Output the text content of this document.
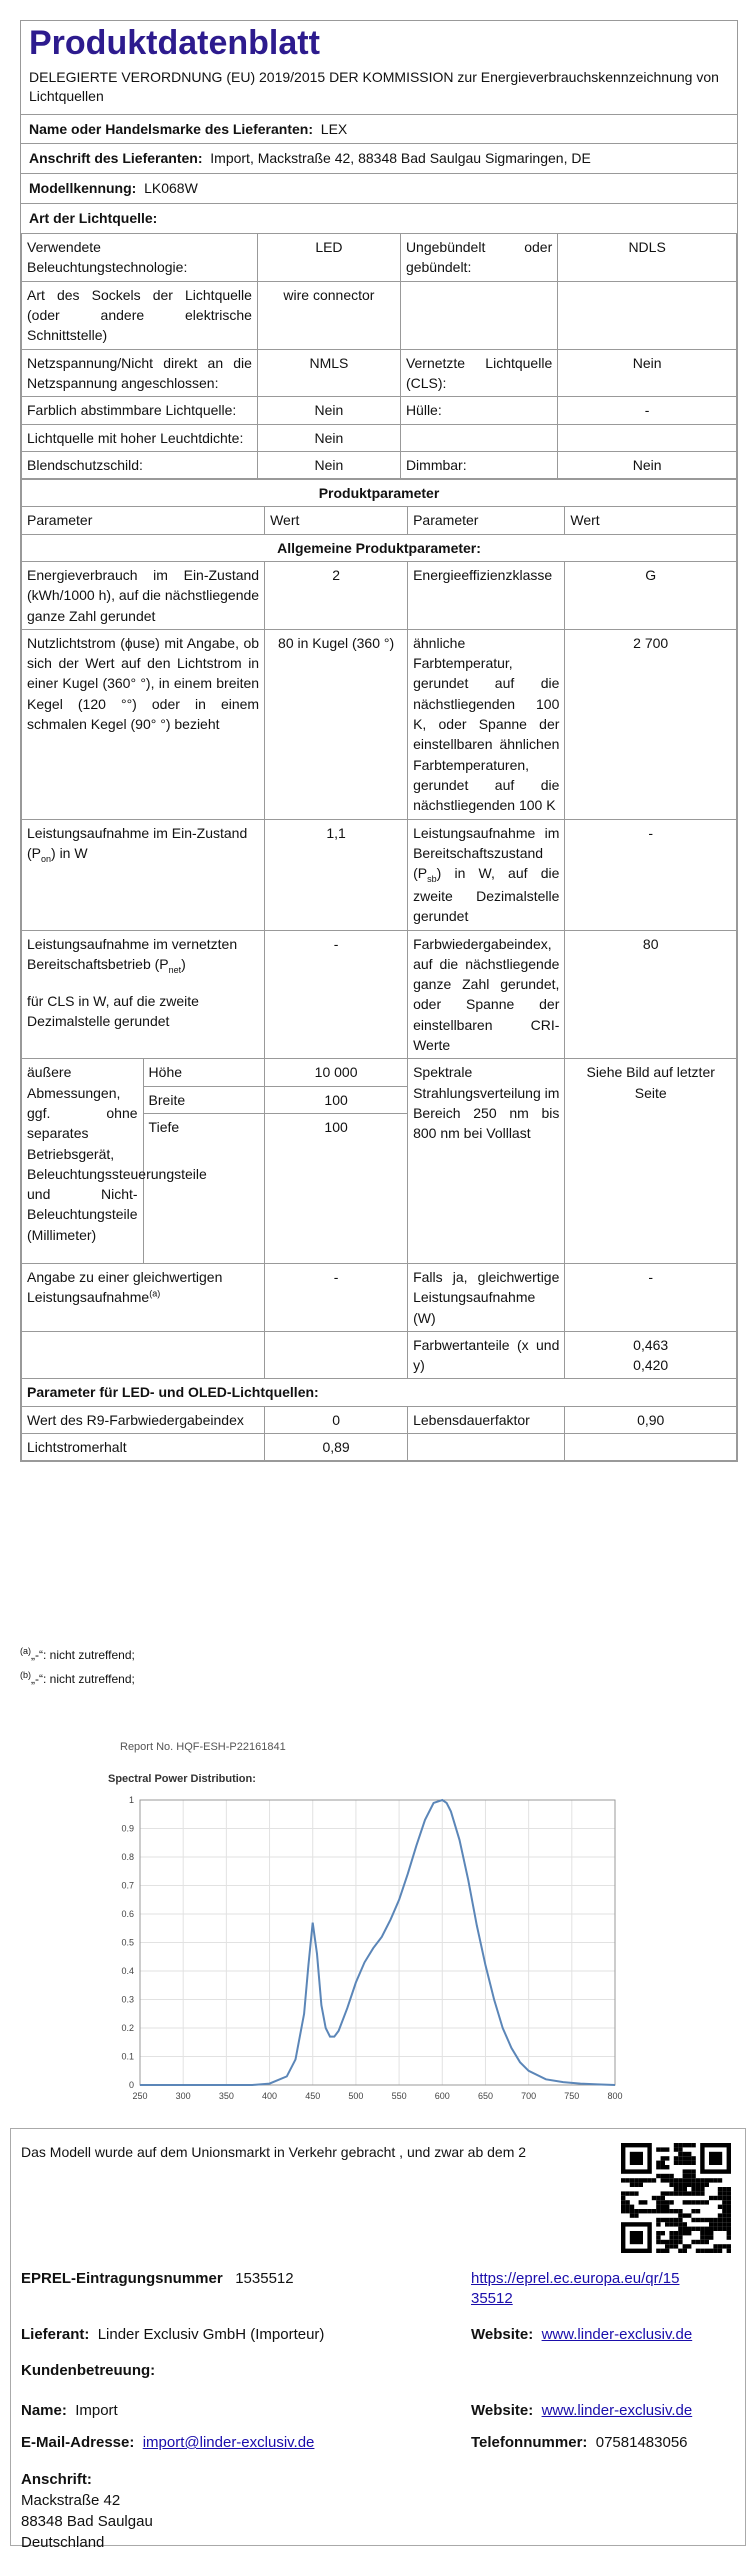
Produktdatenblatt
DELEGIERTE VERORDNUNG (EU) 2019/2015 DER KOMMISSION zur Energieverbrauchskennzeichnung von Lichtquellen
Name oder Handelsmarke des Lieferanten: LEX
Anschrift des Lieferanten: Import, Mackstraße 42, 88348 Bad Saulgau Sigmaringen, DE
Modellkennung: LK068W
Art der Lichtquelle:
Verwendete Beleuchtungstechnologie:	LED	Ungebündelt oder gebündelt:	NDLS
Art des Sockels der Lichtquelle (oder andere elektrische Schnittstelle)	wire connector		
Netzspannung/Nicht direkt an die Netzspannung angeschlossen:	NMLS	Vernetzte Lichtquelle (CLS):	Nein
Farblich abstimmbare Lichtquelle:	Nein	Hülle:	-
Lichtquelle mit hoher Leuchtdichte:	Nein		
Blendschutzschild:	Nein	Dimmbar:	Nein
Produktparameter				
Parameter		Wert	Parameter	Wert
Allgemeine Produktparameter:				
Energieverbrauch im Ein-Zustand (kWh/1000 h), auf die nächstliegende ganze Zahl gerundet		2	Energieeffizienzklasse	G
Nutzlichtstrom (ɸuse) mit Angabe, ob sich der Wert auf den Lichtstrom in einer Kugel (360° °), in einem breiten Kegel (120 °°) oder in einem schmalen Kegel (90° °) bezieht		80 in Kugel (360 °)	ähnliche Farbtemperatur, gerundet auf die nächstliegenden 100 K, oder Spanne der einstellbaren ähnlichen Farbtemperaturen, gerundet auf die nächstliegenden 100 K	2 700
Leistungsaufnahme im Ein-Zustand $(P_{on})$ in W		1,1	Leistungsaufnahme im Bereitschaftszustand $(P_{sb})$ in W, auf die zweite Dezimalstelle gerundet	-
Leistungsaufnahme im vernetzten Bereitschaftsbetrieb $(P_{net})$
für CLS in W, auf die zweite Dezimalstelle gerundet		-	Farbwiedergabeindex, auf die nächstliegende ganze Zahl gerundet, oder Spanne der einstellbaren CRI-Werte	80
äußere Abmessungen, ggf. ohne separates Betriebsgerät, Beleuchtungssteuerungsteile und Nicht-Beleuchtungsteile (Millimeter)	Höhe	10 000	Spektrale Strahlungsverteilung im Bereich 250 nm bis 800 nm bei Volllast	Siehe Bild auf letzter Seite
	Breite	100		
	Tiefe	100		
Angabe zu einer gleichwertigen Leistungsaufnahme$^{(a)}$		-	Falls ja, gleichwertige Leistungsaufnahme (W)	-
			Farbwertanteile (x und y)	0,463
0,420

Parameter für LED- und OLED-Lichtquellen:				
Wert des R9-Farbwiedergabeindex		0	Lebensdauerfaktor	0,90
Lichtstromerhalt		0,89		
$^{(a)}$„-“: nicht zutreffend;
$^{(b)}$„-“: nicht zutreffend;
Report No. HQF-ESH-P22161841
Spectral Power Distribution:
250	300	350	400	450	500	550	600	650	700	750	800
0
0.1
0.2
0.3
0.4
0.5
0.6
0.7
0.8
0.9
1
Das Modell wurde auf dem Unionsmarkt in Verkehr gebracht , und zwar ab dem 2
EPREL-Eintragungsnummer 1535512	https://eprel.ec.europa.eu/qr/15
35512
Lieferant: Linder Exclusiv GmbH (Importeur)	Website: www.linder-exclusiv.de
Kundenbetreuung:
Name: Import	Website: www.linder-exclusiv.de
E-Mail-Adresse: import@linder-exclusiv.de	Telefonnummer: 07581483056
Anschrift:
Mackstraße 42
88348 Bad Saulgau
Deutschland
